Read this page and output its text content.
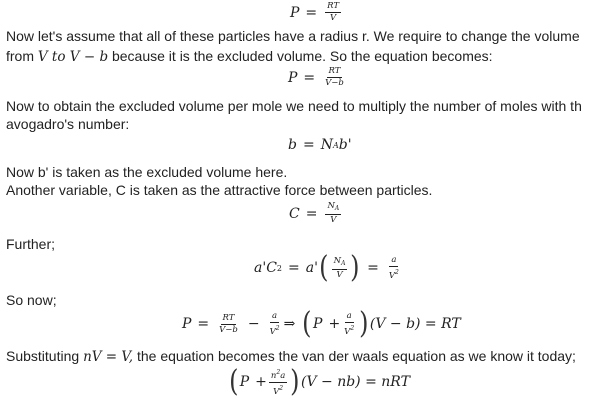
$P = \frac{RT}{V}$
Now let's assume that all of these particles have a radius r. We require to change the volume
from V to V − b because it is the excluded volume. So the equation becomes:
$P = \frac{RT}{V-b}$
Now to obtain the excluded volume per mole we need to multiply the number of moles with th
avogadro's number:
b = N A b'
Now b' is taken as the excluded volume here.
Another variable, C is taken as the attractive force between particles.
$C = \frac{N_A}{V}$
Further;
a'C 2 = a' ( $\frac{N_A}{V}$ ) = $\frac{a}{V^2}$
So now;
$P = \frac{RT}{V-b} - \frac{a}{V^2}$ ⇒ ( $P + \frac{a}{V^2}$ ) (V − b) = RT
Substituting nV = V, the equation becomes the van der waals equation as we know it today;
( $P + \frac{n^2a}{V^2}$ ) (V − nb) = nRT
